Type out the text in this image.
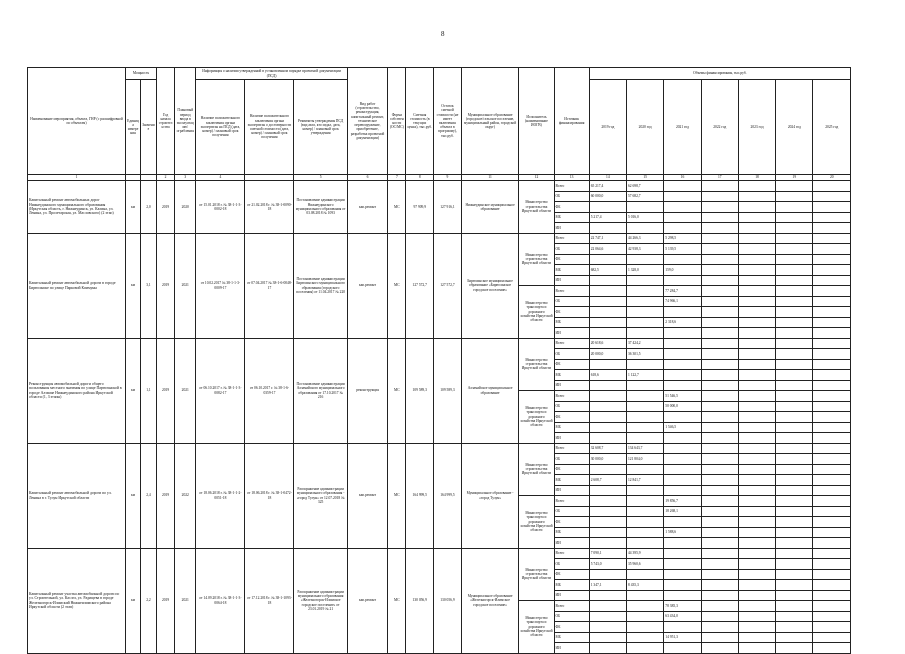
8
Наименование мероприятия, объекта, ГНР (с расшифровкой по объектам)	Мощность		Год начала строительства	Плановый период ввода в эксплуатацию/ограбления	Информация о наличии утвержденной в установленном порядке проектной документации (ПСД)			Вид работ (строительство, реконструкция, капитальный ремонт, техническое перевооружение, приобретение, разработка проектной документации)	Форма собственности (ОС/МС)	Сметная стоимость (в текущих ценах), тыс.руб.	Остаток сметной стоимости (не имеет включения объекта в программу), тыс.руб.	Муниципальное образование (городское/сельское поселение, муниципальный район, городской округ)	Исполнитель (наименование ИОГВ)	Источник финансирования	Объемы финансирования, тыс.руб.						
	Единица измерения	Значение			Наличие положительного заключения органа экспертизы на ПСД (дата, номер) / плановый срок получения	Наличие положительного заключения органа экспертизы о достоверности сметной стоимости (дата, номер) / плановый срок получения	Реквизиты утверждения ПСД (вид акта, кто издал, дата, номер) / плановый срок утверждения								2019 год	2020 год	2021 год	2022 год	2023 год	2024 год	2025 год
1			2	3	4		5	6	7	8	9	11	12	13	14	15	16	17	18	19	20
Капитальный ремонт автомобильных дорог Нижнеудинского муниципального образования (Иркутская область, г. Нижнеудинск, ул. Калина, ул. Ленина, ул. Пролетарская, ул. Масловского) (2 этап)	км	2,0	2019	2020	от 15.01.2018 г. № 38-1-1-3-0002-18	от 21.02.2018 г. № 38-1-0090-18	Постановление администрации Нижнеудинского муниципального образования от 03.08.2018 № 1093	кап.ремонт	МС	97 909,9	127 916,1	Нижнеудинское муниципальное образование	Министерство строительства Иркутской области	Всего	65 217,4	62 698,7					
														ОБ	60 000,0	57 682,7					
														ФБ							
														МБ	5 217,4	5 016,0					
														ИИ							
Капитальный ремонт автомобильной дороги в городе Бирюсинске по улице Парковой Коммуны	км	3,1	2019	2021	от 10.02.2017 № 38-1-1-3-0009-17	от 07.04.2017 № 38-1-6-0048-17	Постановление администрации Бирюсинского муниципального образования (городского поселения) от 11.04.2017 № 220	кап.ремонт	МС	127 572,7	127 572,7	Бирюсинское муниципальное образование «Бирюсинское городское поселение»	Министерство строительства Иркутской области	Всего	22 747,1	44 266,3	5 298,5				
														ОБ	22 064,6	42 938,3	5 139,5				
														ФБ							
														МБ	682,5	1 328,0	159,0				
														ИИ							
													Министерство транспорта и дорожного хозяйства Иркутской области	Всего			77 284,7				
														ОБ			74 966,1				
														ФБ							
														МБ			2 318,6				
														ИИ							
Реконструкция автомобильной дороги общего пользования местного значения по улице Партизанской в городе Алзамае Нижнеудинского района Иркутской области (1, 3 этапы)	км	1,1	2019	2021	от 06.10.2017 г. № 38-1-1-3-0082-17	от 06.10.2017 г. № 38-1-6-0359-17	Постановление администрации Алзамайского муниципального образования от 17.10.2017 № 216	реконструкция	МС	109 589,3	109 589,3	Алзамайское муниципальное образование	Министерство строительства Иркутской области	Всего	20 618,6	37 424,2					
														ОБ	20 000,0	36 301,5					
														ФБ							
														МБ	618,6	1 122,7					
														ИИ							
													Министерство транспорта и дорожного хозяйства Иркутской области	Всего			51 546,5				
														ОБ			50 000,0				
														ФБ							
														МБ			1 546,5				
														ИИ							
Капитальный ремонт автомобильной дороги по ул. Ленина в г. Тулун Иркутской области	км	2,4	2019	2022	от 18.06.2018 г. № 38-1-1-2-0051-18	от 18.06.2018 г. № 38-1-0472-18	Распоряжение администрации муниципального образования - «город Тулун» от 12.07.2018 № 325	кап.ремонт	МС	164 999,5	164 999,5	Муниципальное образование - «город Тулун»	Министерство строительства Иркутской области	Всего	32 608,7	134 643,7					
														ОБ	30 000,0	121 804,0					
														ФБ							
														МБ	2 608,7	12 841,7					
														ИИ							
													Министерство транспорта и дорожного хозяйства Иркутской области	Всего			19 856,7				
														ОБ			18 268,1				
														ФБ							
														МБ			1 588,6				
														ИИ							
Капитальный ремонт участка автомобильной дороги по ул. Строительной, ул. Каслгл, ул. Радищева в городе Железногорск-Илимский Нижнеилимского района Иркутской области (2 этап)	км	2,2	2019	2021	от 14.09.2018 г. № 38-1-1-3-0064-18	от 17.12.2018 г. № 38-1-1093-18	Распоряжение администрации муниципального образования «Железногорск-Илимское городское поселение» от 23.01.2019 № 21	кап.ремонт	МС	130 056,9	130 056,9	Муниципальное образование «Железногорск-Илимское городское поселение»	Министерство строительства Иркутской области	Всего	7 090,1	44 395,9					
														ОБ	5 743,0	35 960,6					
														ФБ							
														МБ	1 347,1	8 435,3					
														ИИ							
													Министерство транспорта и дорожного хозяйства Иркутской области	Всего			78 385,3				
														ОБ			63 434,0				
														ФБ							
														МБ			14 951,3				
														ИИ							
